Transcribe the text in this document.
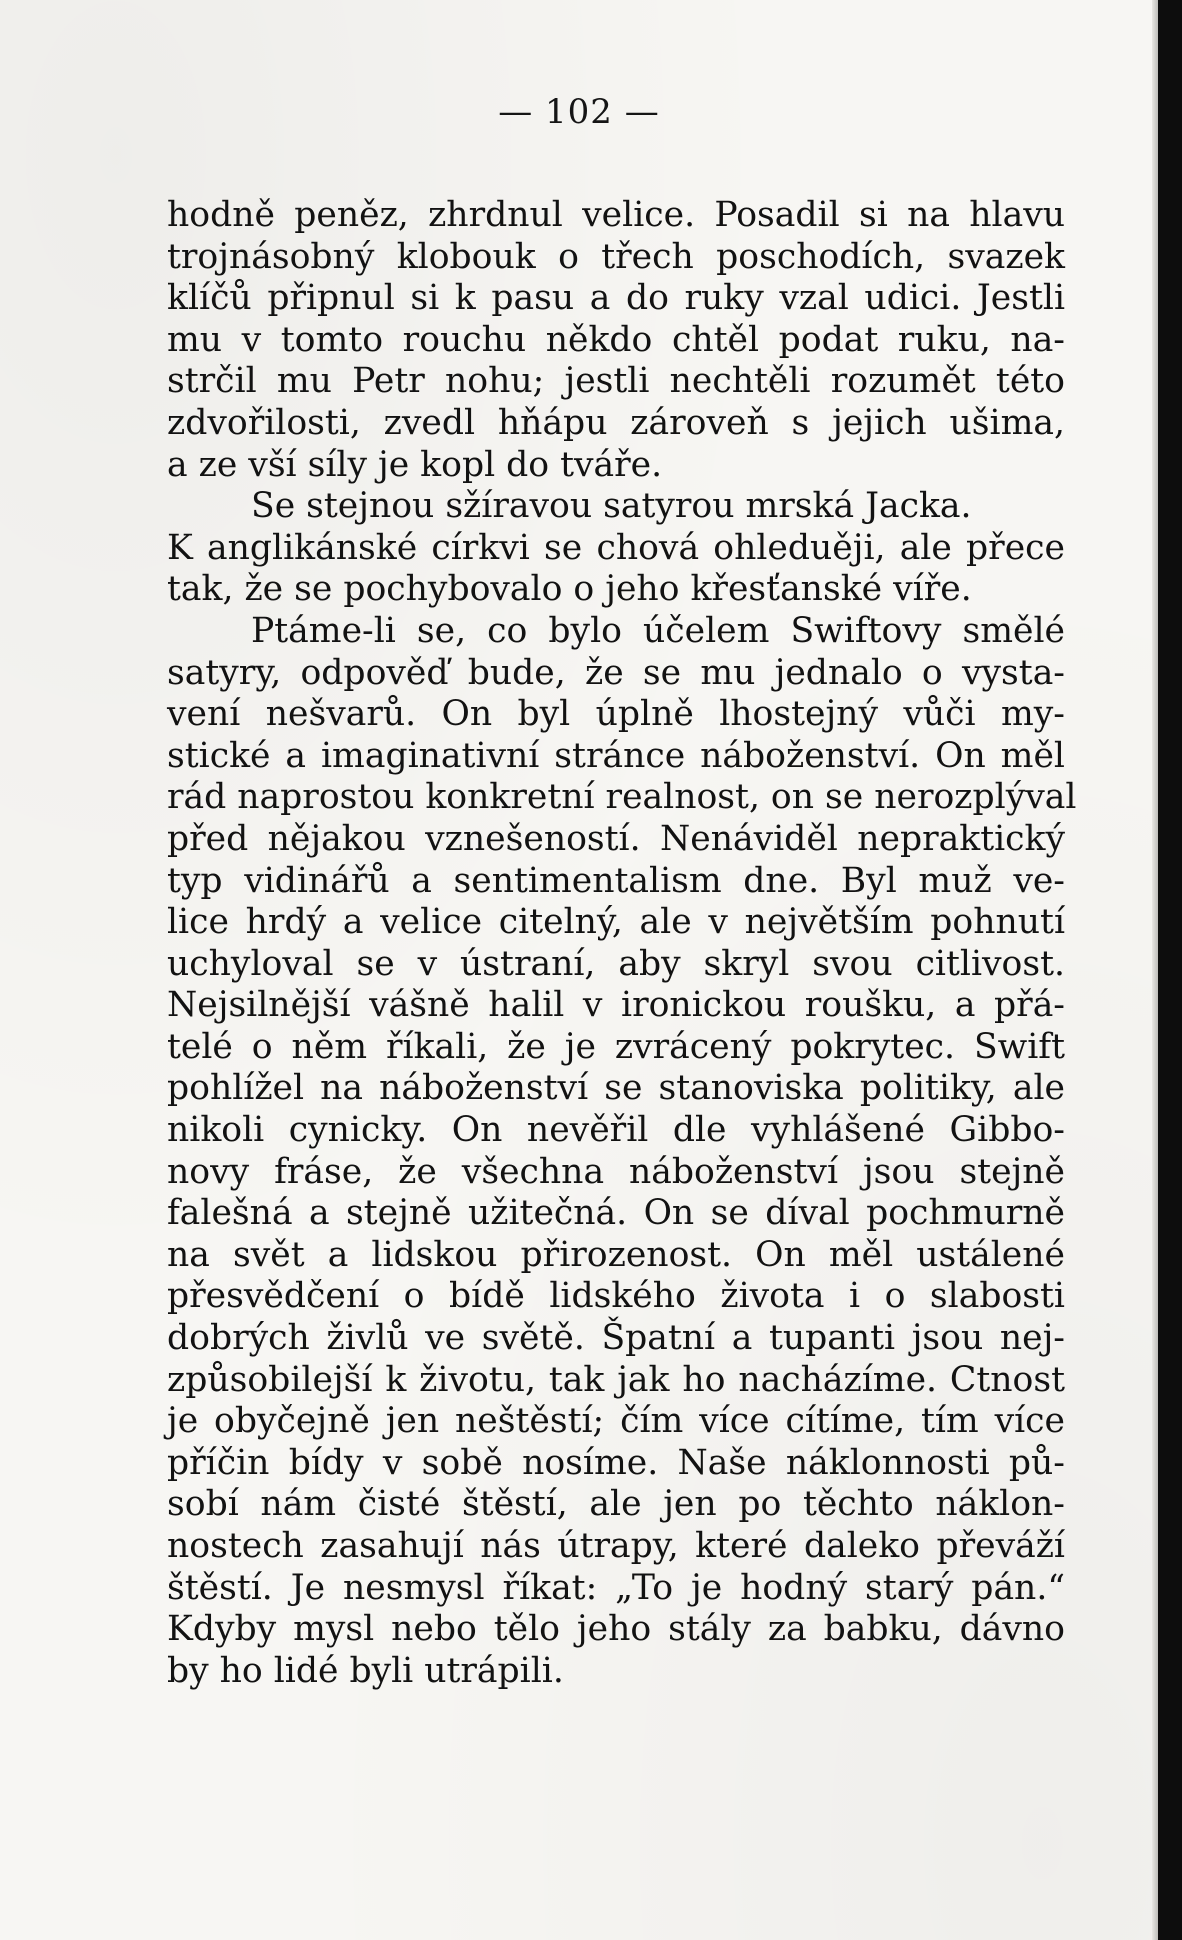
— 102 —
hodně peněz, zhrdnul velice. Posadil si na hlavu
trojnásobný klobouk o třech poschodích, svazek
klíčů připnul si k pasu a do ruky vzal udici. Jestli
mu v tomto rouchu někdo chtěl podat ruku, na-
strčil mu Petr nohu; jestli nechtěli rozumět této
zdvořilosti, zvedl hňápu zároveň s jejich ušima,
a ze vší síly je kopl do tváře.
Se stejnou sžíravou satyrou mrská Jacka.
K anglikánské církvi se chová ohleduěji, ale přece
tak, že se pochybovalo o jeho křesťanské víře.
Ptáme-li se, co bylo účelem Swiftovy smělé
satyry, odpověď bude, že se mu jednalo o vysta-
vení nešvarů. On byl úplně lhostejný vůči my-
stické a imaginativní stránce náboženství. On měl
rád naprostou konkretní realnost, on se nerozplýval
před nějakou vznešeností. Nenáviděl nepraktický
typ vidinářů a sentimentalism dne. Byl muž ve-
lice hrdý a velice citelný, ale v největším pohnutí
uchyloval se v ústraní, aby skryl svou citlivost.
Nejsilnější vášně halil v ironickou roušku, a přá-
telé o něm říkali, že je zvrácený pokrytec. Swift
pohlížel na náboženství se stanoviska politiky, ale
nikoli cynicky. On nevěřil dle vyhlášené Gibbo-
novy fráse, že všechna náboženství jsou stejně
falešná a stejně užitečná. On se díval pochmurně
na svět a lidskou přirozenost. On měl ustálené
přesvědčení o bídě lidského života i o slabosti
dobrých živlů ve světě. Špatní a tupanti jsou nej-
způsobilejší k životu, tak jak ho nacházíme. Ctnost
je obyčejně jen neštěstí; čím více cítíme, tím více
příčin bídy v sobě nosíme. Naše náklonnosti pů-
sobí nám čisté štěstí, ale jen po těchto náklon-
nostech zasahují nás útrapy, které daleko převáží
štěstí. Je nesmysl říkat: „To je hodný starý pán.“
Kdyby mysl nebo tělo jeho stály za babku, dávno
by ho lidé byli utrápili.
